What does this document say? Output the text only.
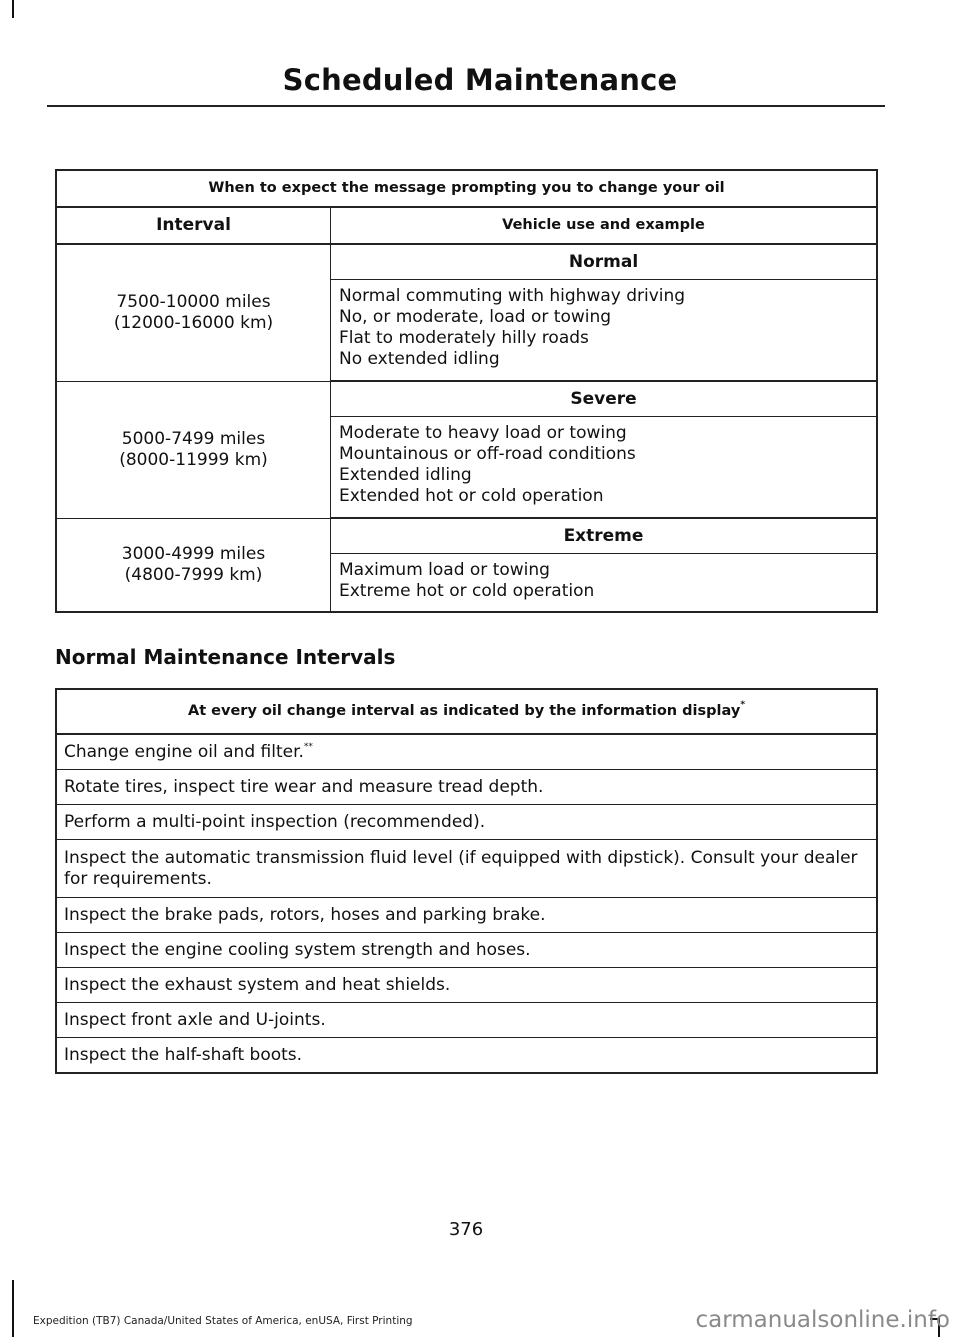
Scheduled Maintenance
When to expect the message prompting you to change your oil	
Interval	Vehicle use and example

7500-10000 miles
(12000-16000 km)	Normal

	Normal commuting with highway driving
No, or moderate, load or towing
Flat to moderately hilly roads
No extended idling

5000-7499 miles
(8000-11999 km)	Severe

	Moderate to heavy load or towing
Mountainous or off-road conditions
Extended idling
Extended hot or cold operation

3000-4999 miles
(4800-7999 km)	Extreme

	Maximum load or towing
Extreme hot or cold operation
Normal Maintenance Intervals
At every oil change interval as indicated by the information display*
Change engine oil and filter.**
Rotate tires, inspect tire wear and measure tread depth.
Perform a multi-point inspection (recommended).
Inspect the automatic transmission fluid level (if equipped with dipstick). Consult your dealer for requirements.
Inspect the brake pads, rotors, hoses and parking brake.
Inspect the engine cooling system strength and hoses.
Inspect the exhaust system and heat shields.
Inspect front axle and U-joints.
Inspect the half-shaft boots.
376
Expedition (TB7) Canada/United States of America, enUSA, First Printing	carmanualsonline.info
